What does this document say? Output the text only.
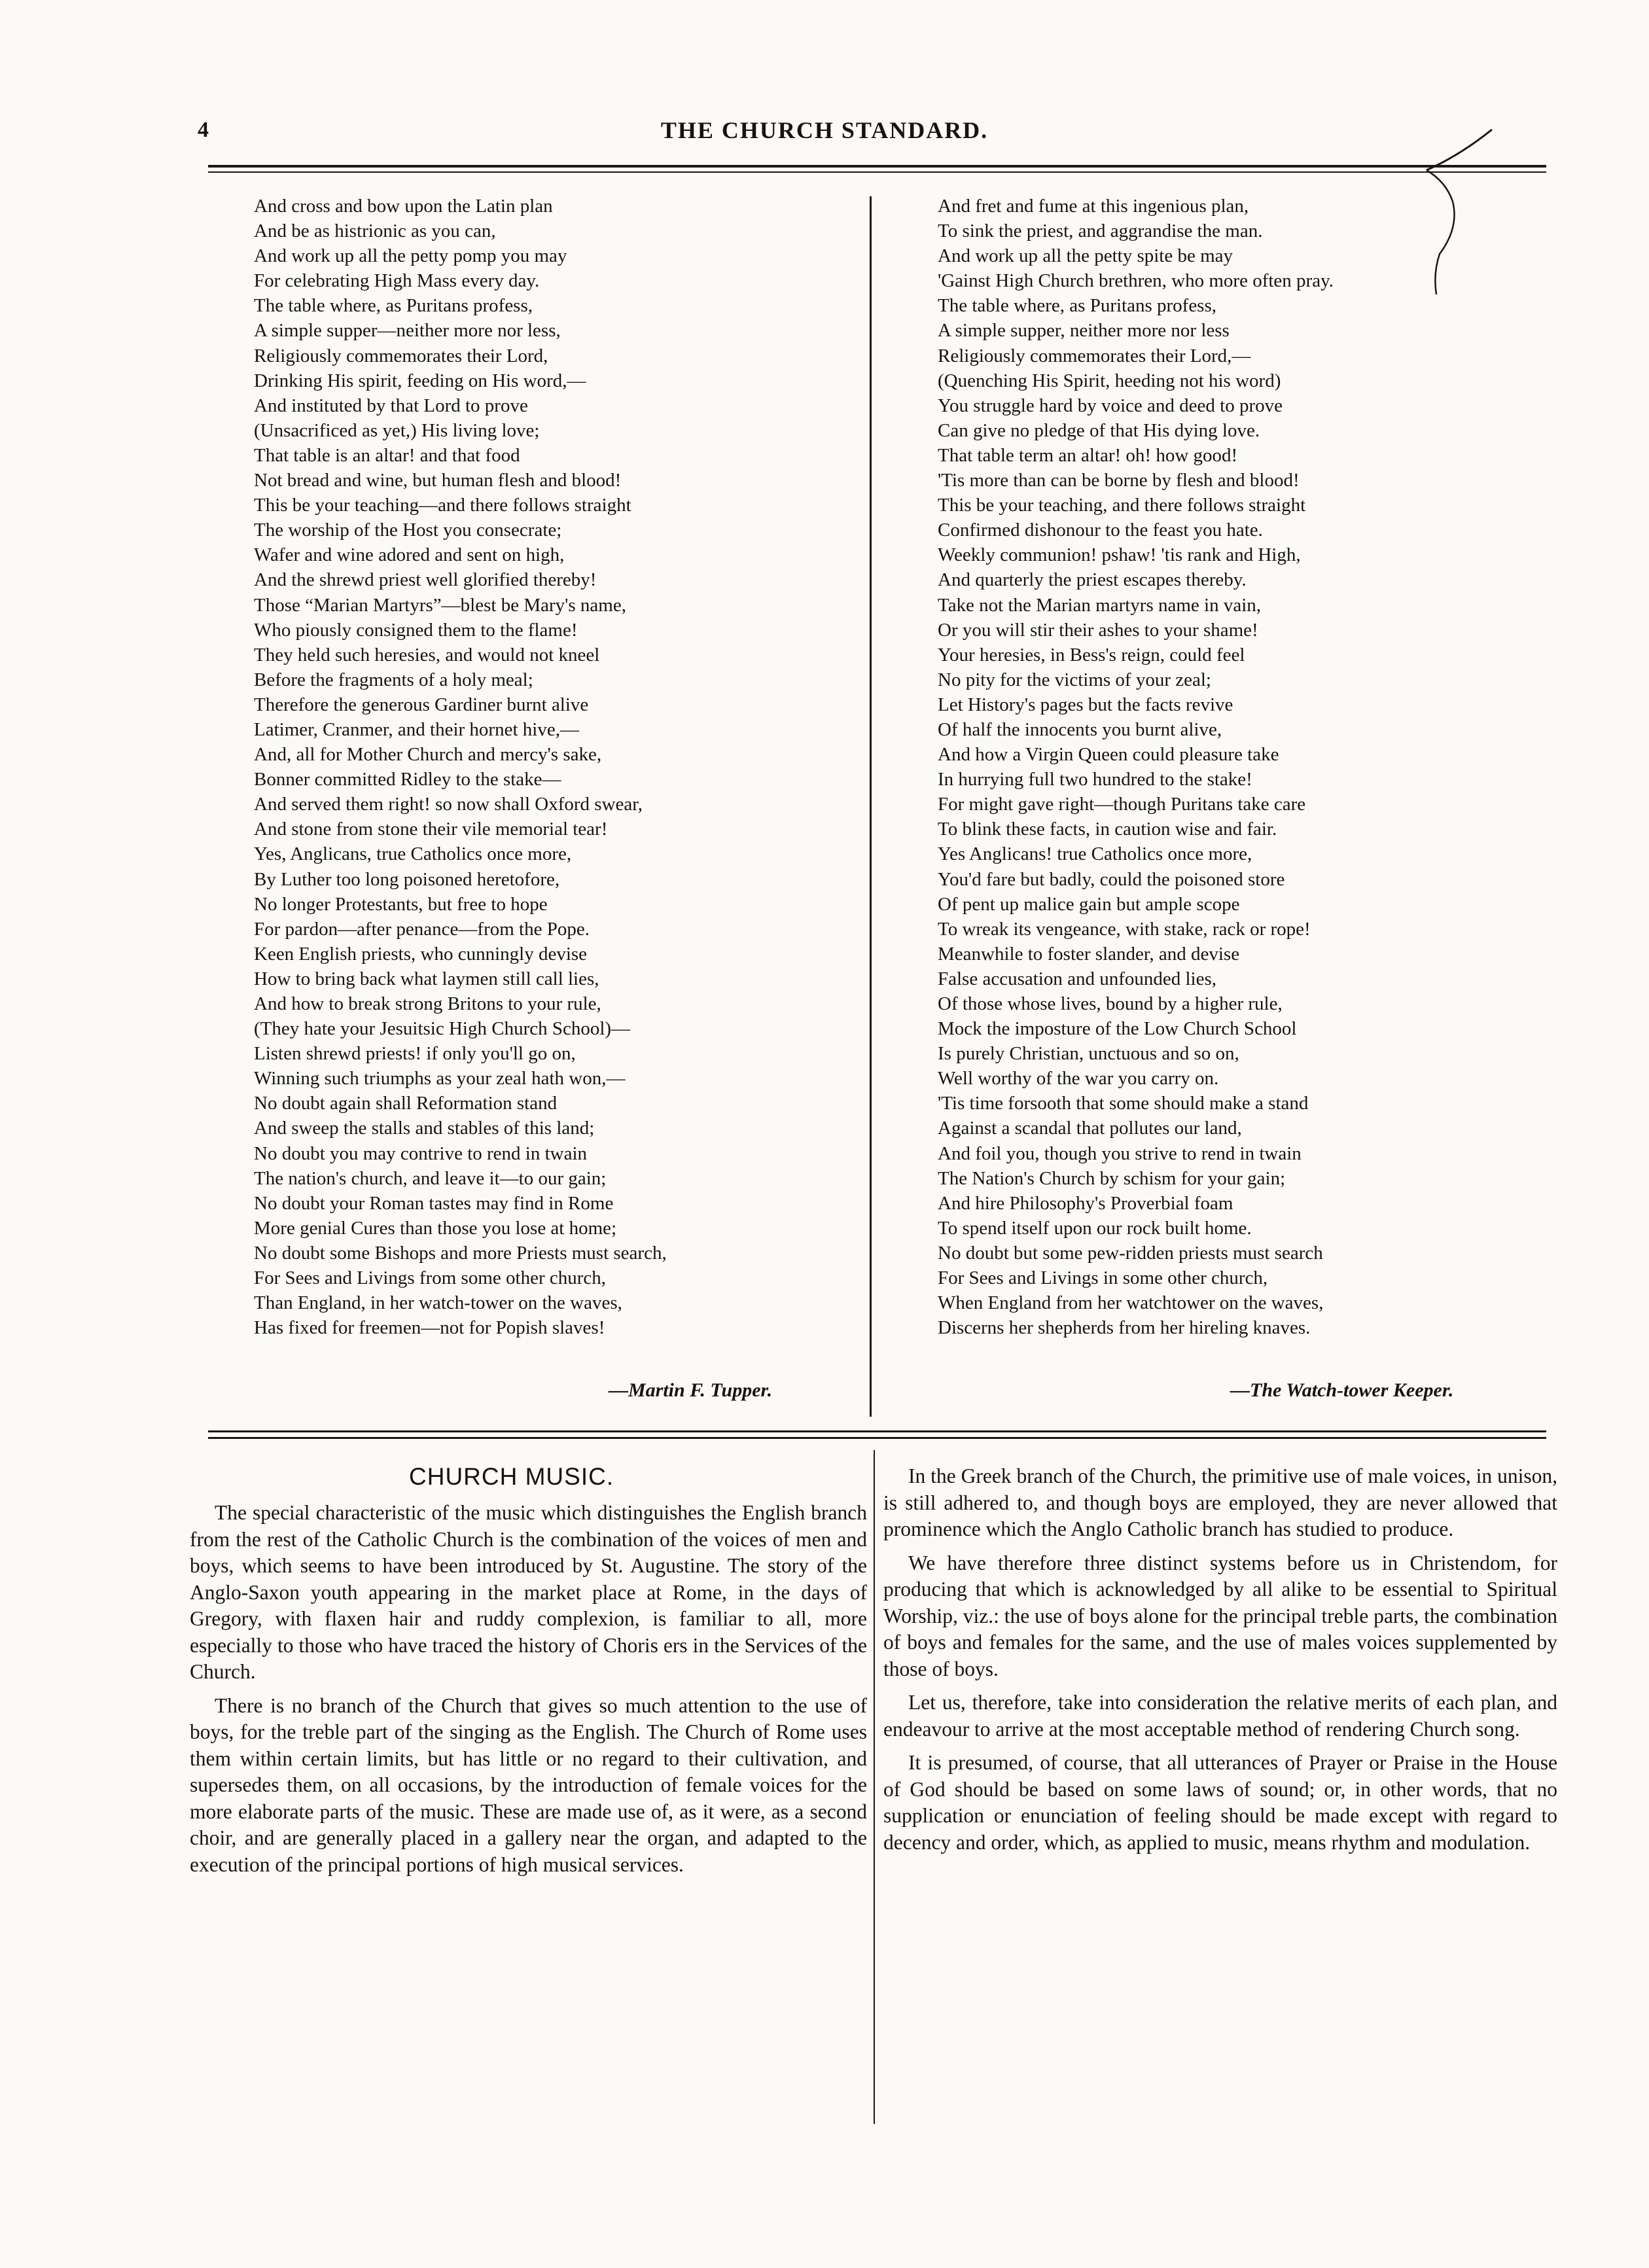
4	THE CHURCH STANDARD.
And cross and bow upon the Latin plan
And be as histrionic as you can,
And work up all the petty pomp you may
For celebrating High Mass every day.
The table where, as Puritans profess,
A simple supper—neither more nor less,
Religiously commemorates their Lord,
Drinking His spirit, feeding on His word,—
And instituted by that Lord to prove
(Unsacrificed as yet,) His living love;
That table is an altar! and that food
Not bread and wine, but human flesh and blood!
This be your teaching—and there follows straight
The worship of the Host you consecrate;
Wafer and wine adored and sent on high,
And the shrewd priest well glorified thereby!
Those “Marian Martyrs”—blest be Mary's name,
Who piously consigned them to the flame!
They held such heresies, and would not kneel
Before the fragments of a holy meal;
Therefore the generous Gardiner burnt alive
Latimer, Cranmer, and their hornet hive,—
And, all for Mother Church and mercy's sake,
Bonner committed Ridley to the stake—
And served them right! so now shall Oxford swear,
And stone from stone their vile memorial tear!
Yes, Anglicans, true Catholics once more,
By Luther too long poisoned heretofore,
No longer Protestants, but free to hope
For pardon—after penance—from the Pope.
Keen English priests, who cunningly devise
How to bring back what laymen still call lies,
And how to break strong Britons to your rule,
(They hate your Jesuitsic High Church School)—
Listen shrewd priests! if only you'll go on,
Winning such triumphs as your zeal hath won,—
No doubt again shall Reformation stand
And sweep the stalls and stables of this land;
No doubt you may contrive to rend in twain
The nation's church, and leave it—to our gain;
No doubt your Roman tastes may find in Rome
More genial Cures than those you lose at home;
No doubt some Bishops and more Priests must search,
For Sees and Livings from some other church,
Than England, in her watch-tower on the waves,
Has fixed for freemen—not for Popish slaves!
And fret and fume at this ingenious plan,
To sink the priest, and aggrandise the man.
And work up all the petty spite be may
'Gainst High Church brethren, who more often pray.
The table where, as Puritans profess,
A simple supper, neither more nor less
Religiously commemorates their Lord,—
(Quenching His Spirit, heeding not his word)
You struggle hard by voice and deed to prove
Can give no pledge of that His dying love.
That table term an altar! oh! how good!
'Tis more than can be borne by flesh and blood!
This be your teaching, and there follows straight
Confirmed dishonour to the feast you hate.
Weekly communion! pshaw! 'tis rank and High,
And quarterly the priest escapes thereby.
Take not the Marian martyrs name in vain,
Or you will stir their ashes to your shame!
Your heresies, in Bess's reign, could feel
No pity for the victims of your zeal;
Let History's pages but the facts revive
Of half the innocents you burnt alive,
And how a Virgin Queen could pleasure take
In hurrying full two hundred to the stake!
For might gave right—though Puritans take care
To blink these facts, in caution wise and fair.
Yes Anglicans! true Catholics once more,
You'd fare but badly, could the poisoned store
Of pent up malice gain but ample scope
To wreak its vengeance, with stake, rack or rope!
Meanwhile to foster slander, and devise
False accusation and unfounded lies,
Of those whose lives, bound by a higher rule,
Mock the imposture of the Low Church School
Is purely Christian, unctuous and so on,
Well worthy of the war you carry on.
'Tis time forsooth that some should make a stand
Against a scandal that pollutes our land,
And foil you, though you strive to rend in twain
The Nation's Church by schism for your gain;
And hire Philosophy's Proverbial foam
To spend itself upon our rock built home.
No doubt but some pew-ridden priests must search
For Sees and Livings in some other church,
When England from her watchtower on the waves,
Discerns her shepherds from her hireling knaves.
—Martin F. Tupper.	—The Watch-tower Keeper.
CHURCH MUSIC.

The special characteristic of the music which distinguishes the English branch from the rest of the Catholic Church is the combination of the voices of men and boys, which seems to have been introduced by St. Augustine. The story of the Anglo-Saxon youth appearing in the market place at Rome, in the days of Gregory, with flaxen hair and ruddy complexion, is familiar to all, more especially to those who have traced the history of Choris ers in the Services of the Church.

There is no branch of the Church that gives so much attention to the use of boys, for the treble part of the singing as the English. The Church of Rome uses them within certain limits, but has little or no regard to their cultivation, and supersedes them, on all occasions, by the introduction of female voices for the more elaborate parts of the music. These are made use of, as it were, as a second choir, and are generally placed in a gallery near the organ, and adapted to the execution of the principal portions of high musical services.

In the Greek branch of the Church, the primitive use of male voices, in unison, is still adhered to, and though boys are employed, they are never allowed that prominence which the Anglo Catholic branch has studied to produce.

We have therefore three distinct systems before us in Christendom, for producing that which is acknowledged by all alike to be essential to Spiritual Worship, viz.: the use of boys alone for the principal treble parts, the combination of boys and females for the same, and the use of males voices supplemented by those of boys.

Let us, therefore, take into consideration the relative merits of each plan, and endeavour to arrive at the most acceptable method of rendering Church song.

It is presumed, of course, that all utterances of Prayer or Praise in the House of God should be based on some laws of sound; or, in other words, that no supplication or enunciation of feeling should be made except with regard to decency and order, which, as applied to music, means rhythm and modulation.
